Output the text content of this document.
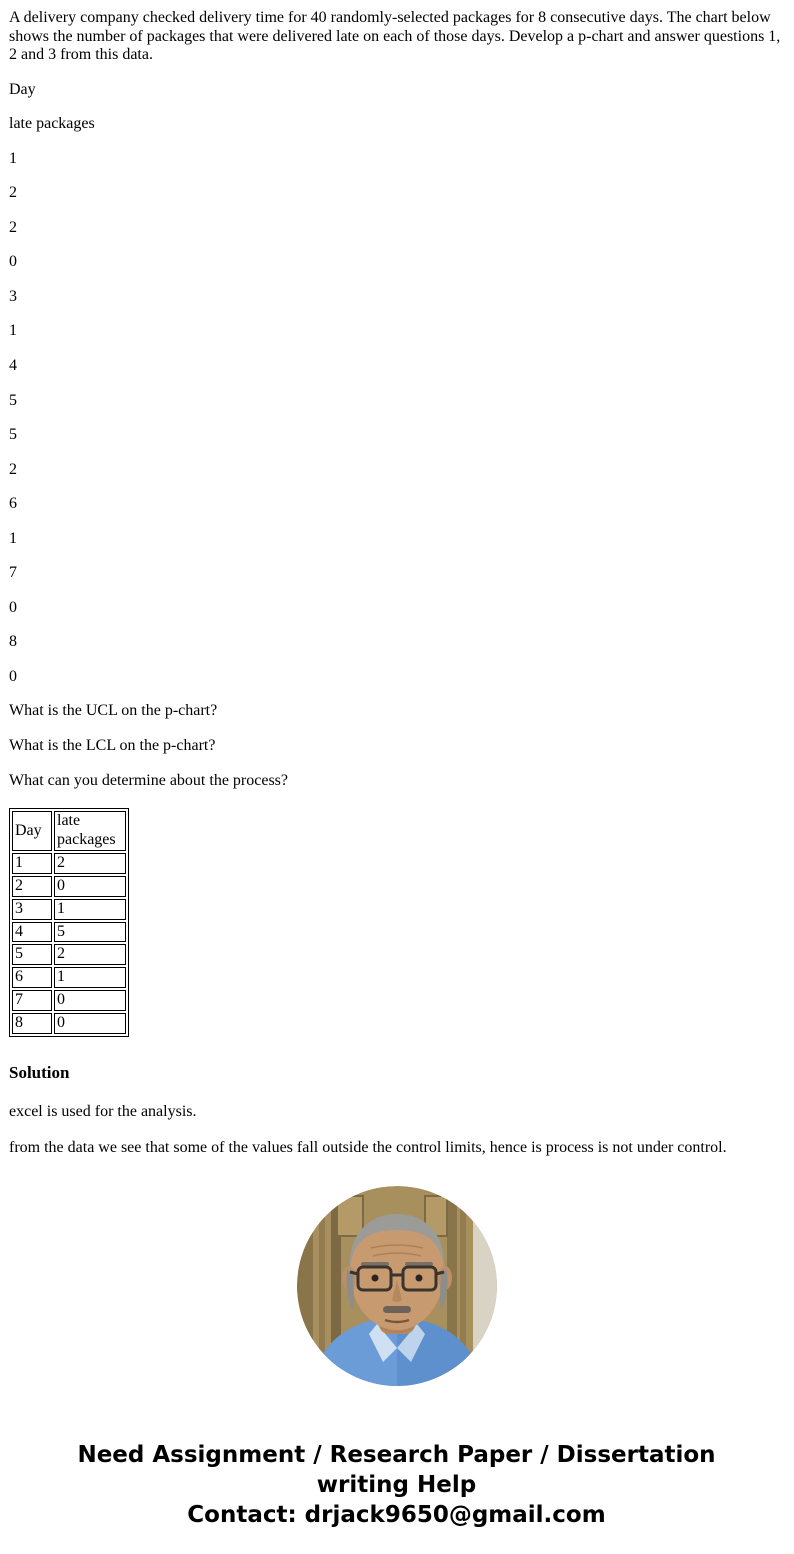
A delivery company checked delivery time for 40 randomly-selected packages for 8 consecutive days. The chart below shows the number of packages that were delivered late on each of those days. Develop a p-chart and answer questions 1, 2 and 3 from this data.

Day

late packages

1

2

2

0

3

1

4

5

5

2

6

1

7

0

8

0

What is the UCL on the p-chart?

What is the LCL on the p-chart?

What can you determine about the process?

Day	late packages
1	2
2	0
3	1
4	5
5	2
6	1
7	0
8	0
Solution

excel is used for the analysis.

from the data we see that some of the values fall outside the control limits, hence is process is not under control.

Need Assignment / Research Paper / Dissertation
writing Help
Contact: drjack9650@gmail.com
